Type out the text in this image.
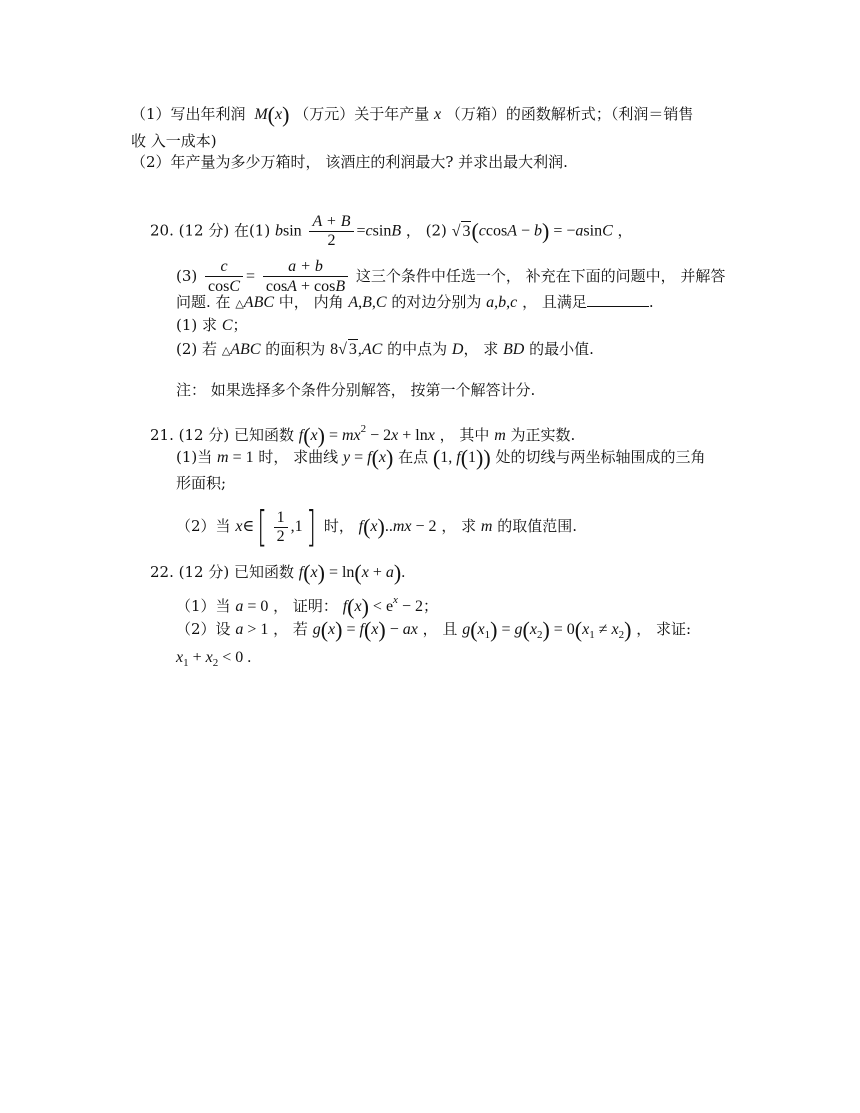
（1）写出年利润  M(x) （万元）关于年产量 x （万箱）的函数解析式；（利润＝销售
收 入一成本)
（2）年产量为多少万箱时， 该酒庄的利润最大? 并求出最大利润.
20. (12 分) 在(1) bsin $\frac{A + B}{2} =csinB$ ， (2) √ 3(ccosA − b) = −asinC ，
$(3) \frac{c}{\cos C} = \frac{a + b}{\cos A + \cos B}$ 这三个条件中任选一个， 补充在下面的问题中， 并解答
问题. 在 △ABC 中， 内角 A,B,C 的对边分别为 a,b,c ， 且满足	.
(1) 求 C；
(2) 若 △ABC 的面积为 8√ 3,AC 的中点为 D， 求 BD 的最小值.
注： 如果选择多个条件分别解答， 按第一个解答计分.
21. (12 分) 已知函数 $f(x) = mx^2 - 2x + \ln x$ ， 其中 m 为正实数.
(1)当 m = 1 时， 求曲线 y = f(x) 在点 (1, f(1)) 处的切线与两坐标轴围成的三角
形面积;
（2）当 x∈[ $\frac{1}{2} ,1$] 时， f(x)..mx − 2 ， 求 m 的取值范围.
22. (12 分) 已知函数 f(x) = ln(x + a).
（1）当 a = 0 ， 证明： $f(x) < e^x - 2$；
（2）设 a > 1 ， 若 g(x) = f(x) − ax ， 且 $g(x_1) = g(x_2) = 0(x_1 \ne x_2)$ ， 求证:
$x_1 + x_2 < 0$ .
